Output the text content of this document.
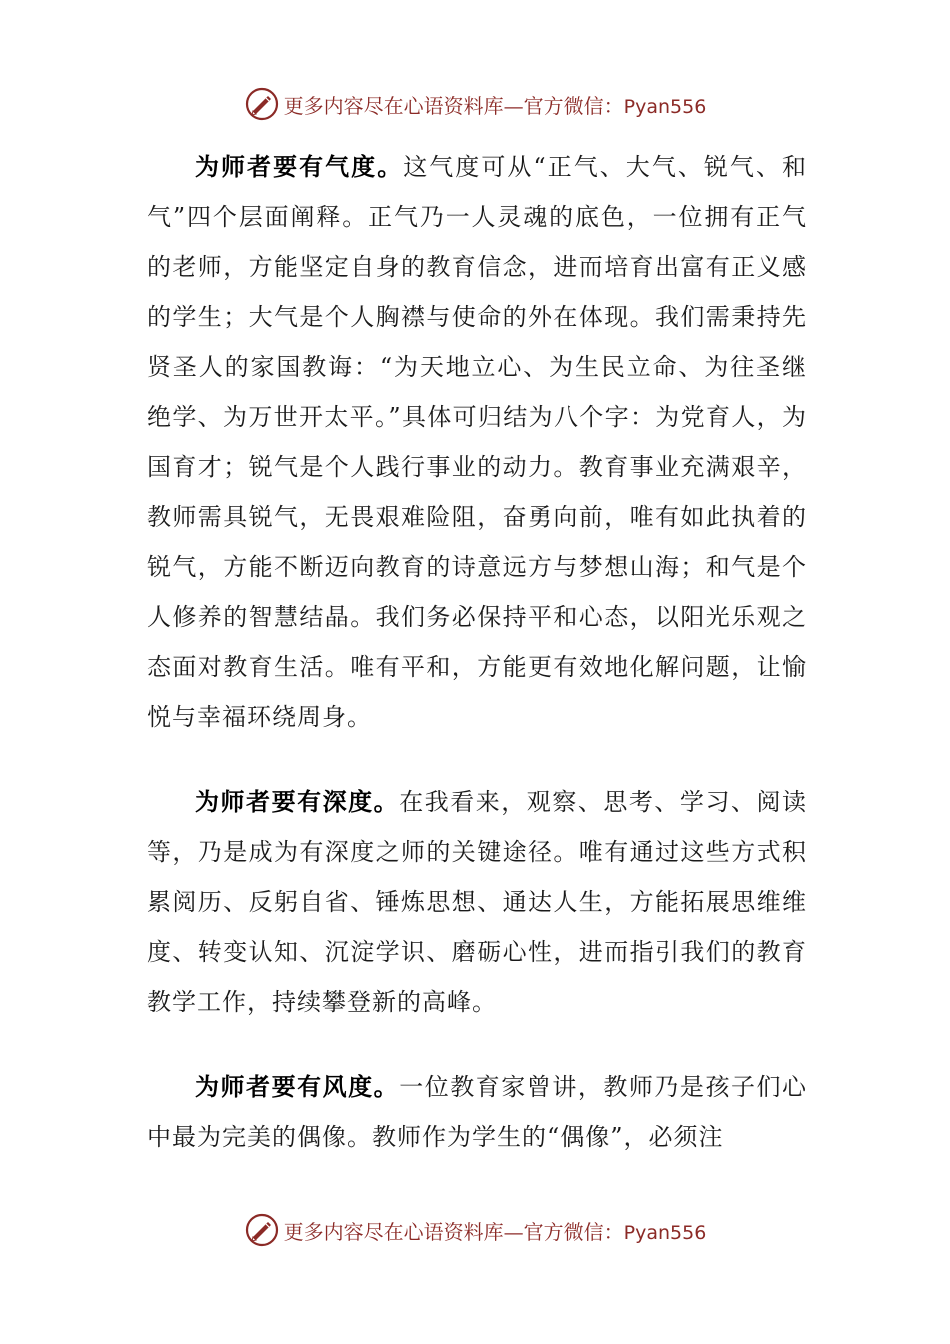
更多内容尽在心语资料库—官方微信：Pyan556

为师者要有气度。这气度可从“正气、大气、锐气、和气”四个层面阐释。正气乃一人灵魂的底色，一位拥有正气的老师，方能坚定自身的教育信念，进而培育出富有正义感的学生；大气是个人胸襟与使命的外在体现。我们需秉持先贤圣人的家国教诲：“为天地立心、为生民立命、为往圣继绝学、为万世开太平。”具体可归结为八个字：为党育人，为国育才；锐气是个人践行事业的动力。教育事业充满艰辛，教师需具锐气，无畏艰难险阻，奋勇向前，唯有如此执着的锐气，方能不断迈向教育的诗意远方与梦想山海；和气是个人修养的智慧结晶。我们务必保持平和心态，以阳光乐观之态面对教育生活。唯有平和，方能更有效地化解问题，让愉悦与幸福环绕周身。

为师者要有深度。在我看来，观察、思考、学习、阅读等，乃是成为有深度之师的关键途径。唯有通过这些方式积累阅历、反躬自省、锤炼思想、通达人生，方能拓展思维维度、转变认知、沉淀学识、磨砺心性，进而指引我们的教育教学工作，持续攀登新的高峰。

为师者要有风度。一位教育家曾讲，教师乃是孩子们心中最为完美的偶像。教师作为学生的“偶像”，必须注

更多内容尽在心语资料库—官方微信：Pyan556
